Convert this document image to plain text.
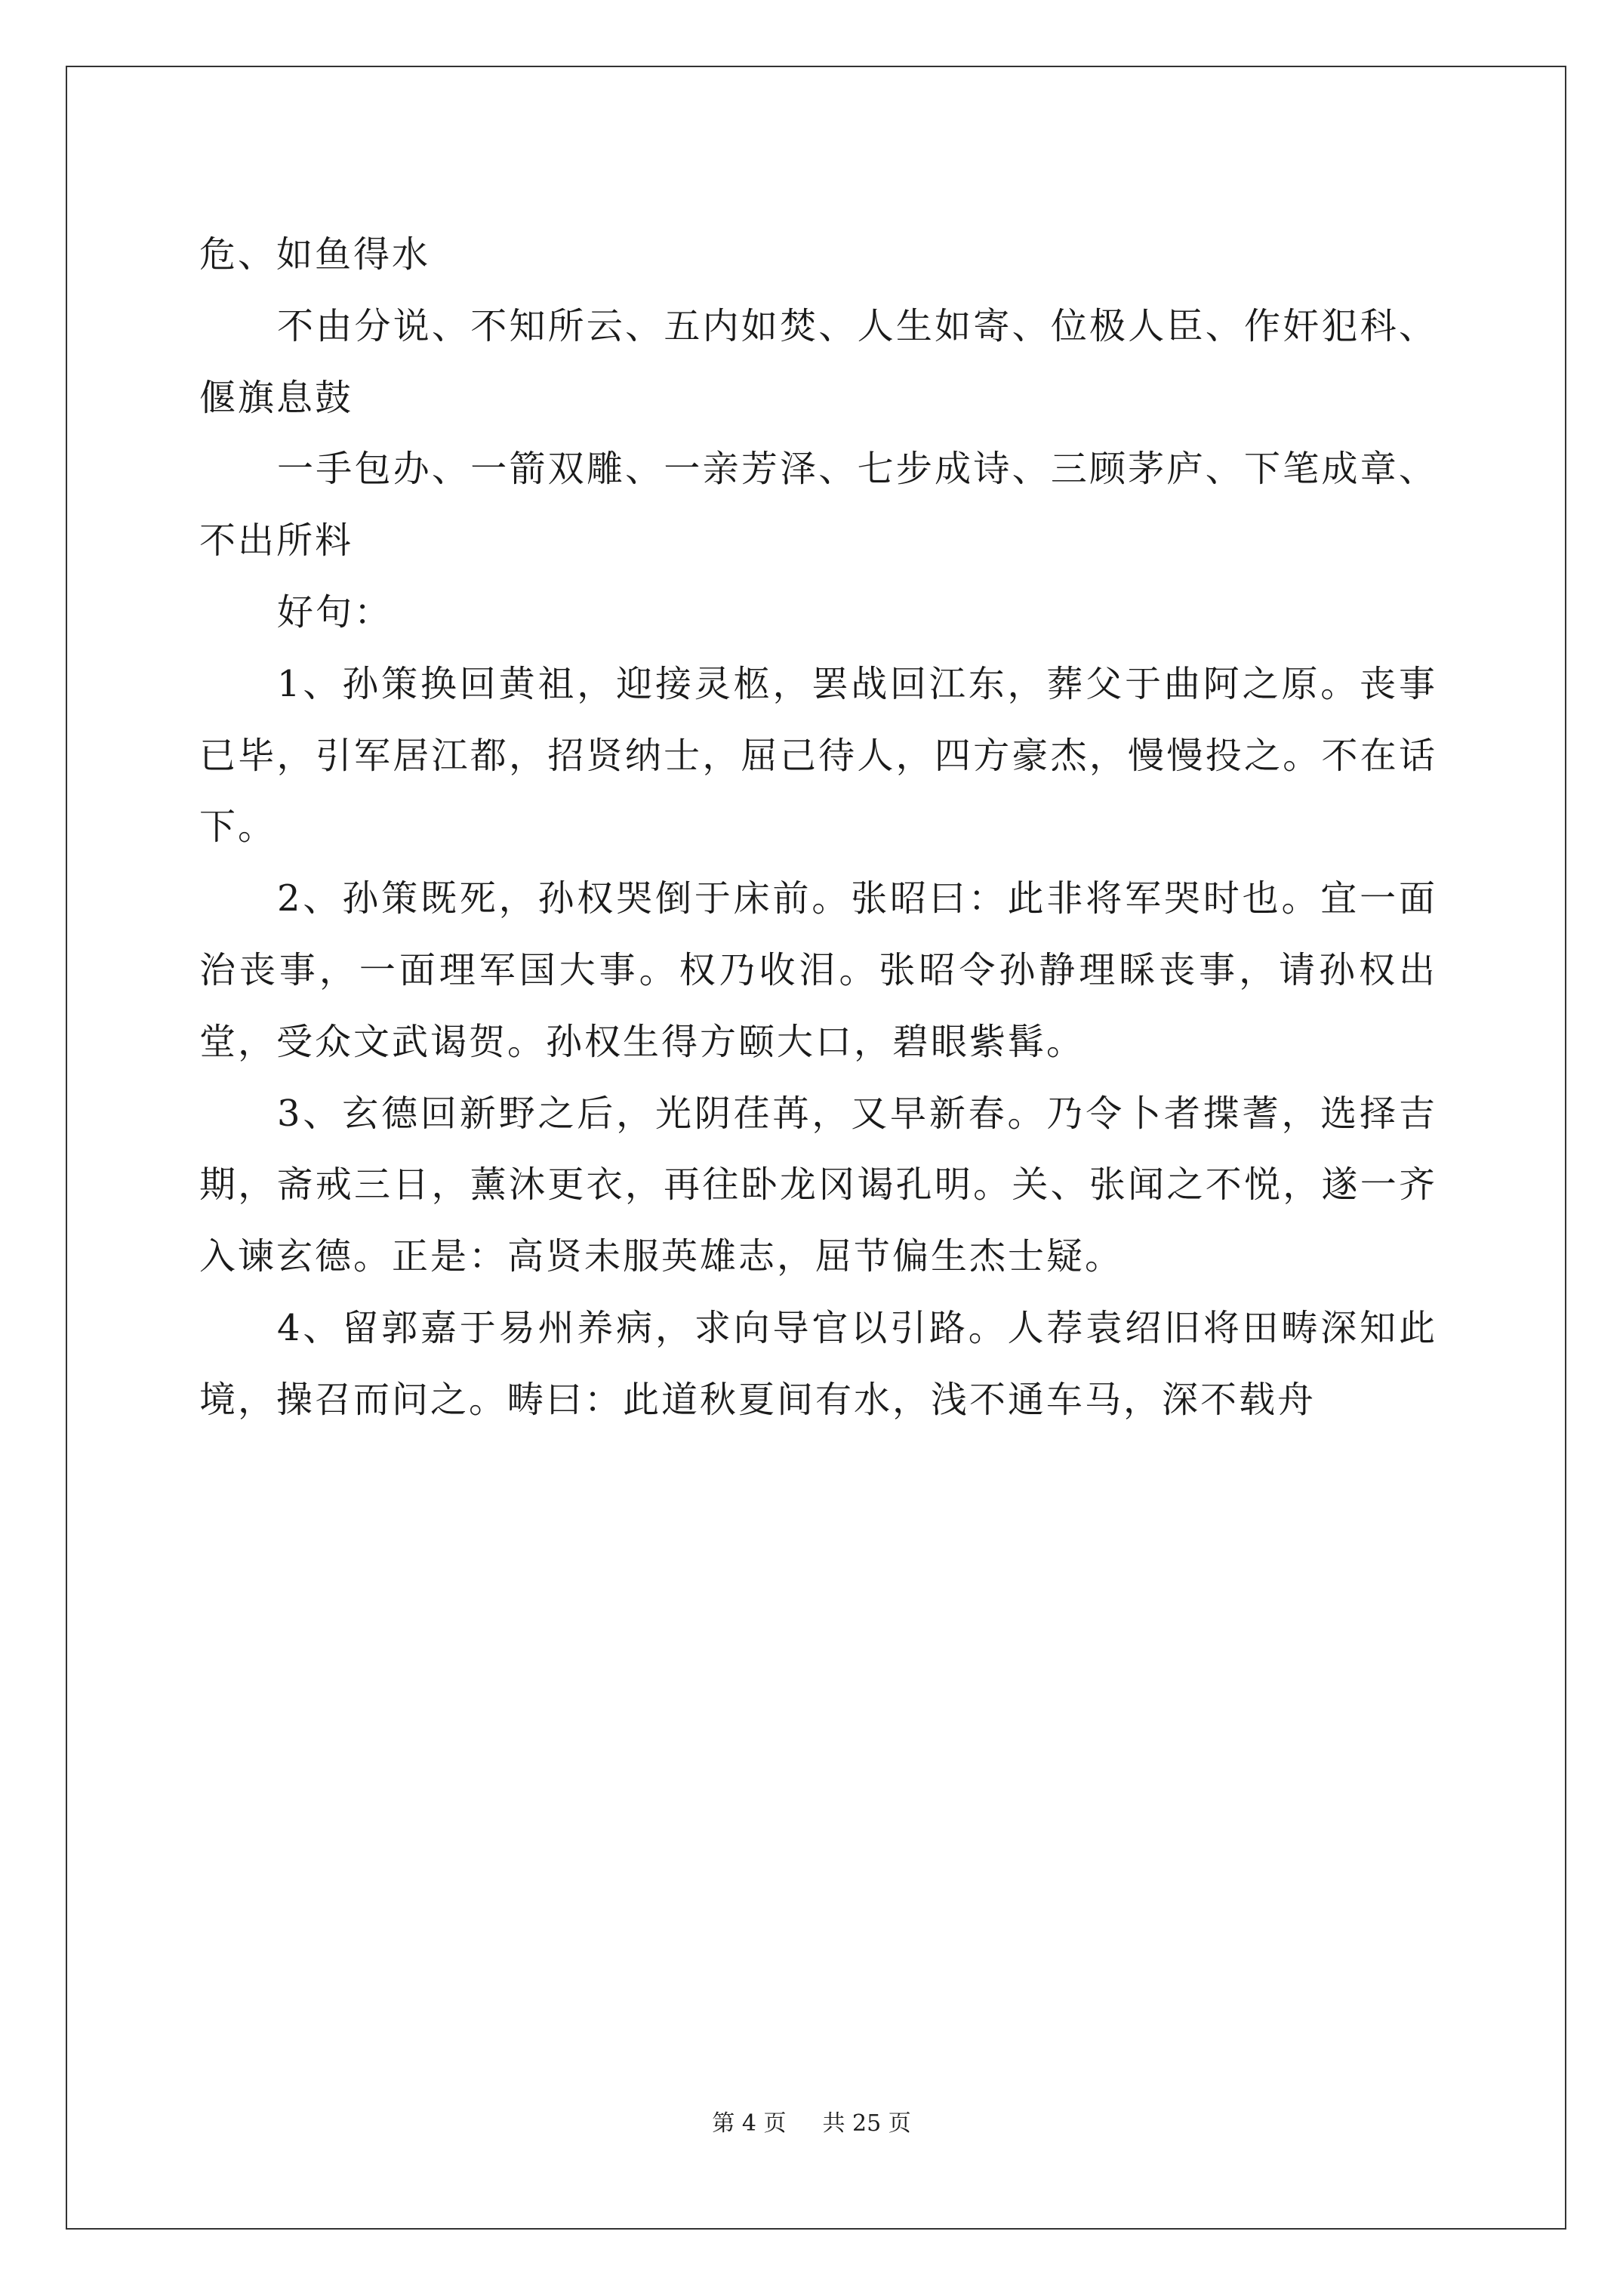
危、如鱼得水

不由分说、不知所云、五内如焚、人生如寄、位极人臣、作奸犯科、偃旗息鼓

一手包办、一箭双雕、一亲芳泽、七步成诗、三顾茅庐、下笔成章、不出所料

好句：

1、孙策换回黄祖，迎接灵柩，罢战回江东，葬父于曲阿之原。丧事已毕，引军居江都，招贤纳士，屈己待人，四方豪杰，慢慢投之。不在话下。

2、孙策既死，孙权哭倒于床前。张昭曰：此非将军哭时也。宜一面治丧事，一面理军国大事。权乃收泪。张昭令孙静理睬丧事，请孙权出堂，受众文武谒贺。孙权生得方颐大口，碧眼紫髯。

3、玄德回新野之后，光阴荏苒，又早新春。乃令卜者揲蓍，选择吉期，斋戒三日，薰沐更衣，再往卧龙冈谒孔明。关、张闻之不悦，遂一齐入谏玄德。正是：高贤未服英雄志，屈节偏生杰士疑。

4、留郭嘉于易州养病，求向导官以引路。人荐袁绍旧将田畴深知此境，操召而问之。畴曰：此道秋夏间有水，浅不通车马，深不载舟

第 4 页 共 25 页
